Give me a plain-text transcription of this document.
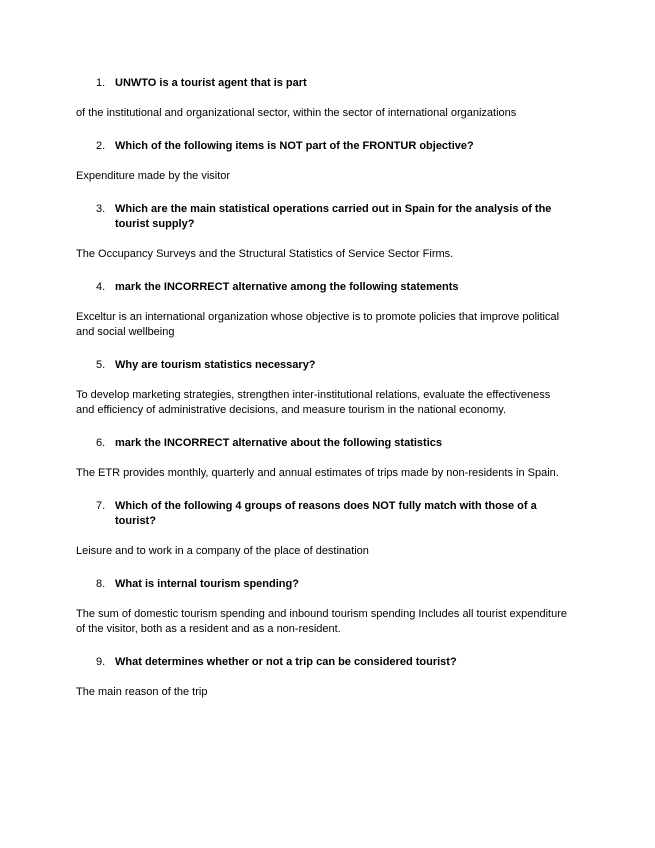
1. UNWTO is a tourist agent that is part

of the institutional and organizational sector, within the sector of international organizations

2. Which of the following items is NOT part of the FRONTUR objective?

Expenditure made by the visitor

3. Which are the main statistical operations carried out in Spain for the analysis of the tourist supply?

The Occupancy Surveys and the Structural Statistics of Service Sector Firms.

4. mark the INCORRECT alternative among the following statements

Exceltur is an international organization whose objective is to promote policies that improve political and social wellbeing

5. Why are tourism statistics necessary?

To develop marketing strategies, strengthen inter-institutional relations, evaluate the effectiveness and efficiency of administrative decisions, and measure tourism in the national economy.

6. mark the INCORRECT alternative about the following statistics

The ETR provides monthly, quarterly and annual estimates of trips made by non-residents in Spain.

7. Which of the following 4 groups of reasons does NOT fully match with those of a tourist?

Leisure and to work in a company of the place of destination

8. What is internal tourism spending?

The sum of domestic tourism spending and inbound tourism spending Includes all tourist expenditure of the visitor, both as a resident and as a non-resident.

9. What determines whether or not a trip can be considered tourist?

The main reason of the trip
